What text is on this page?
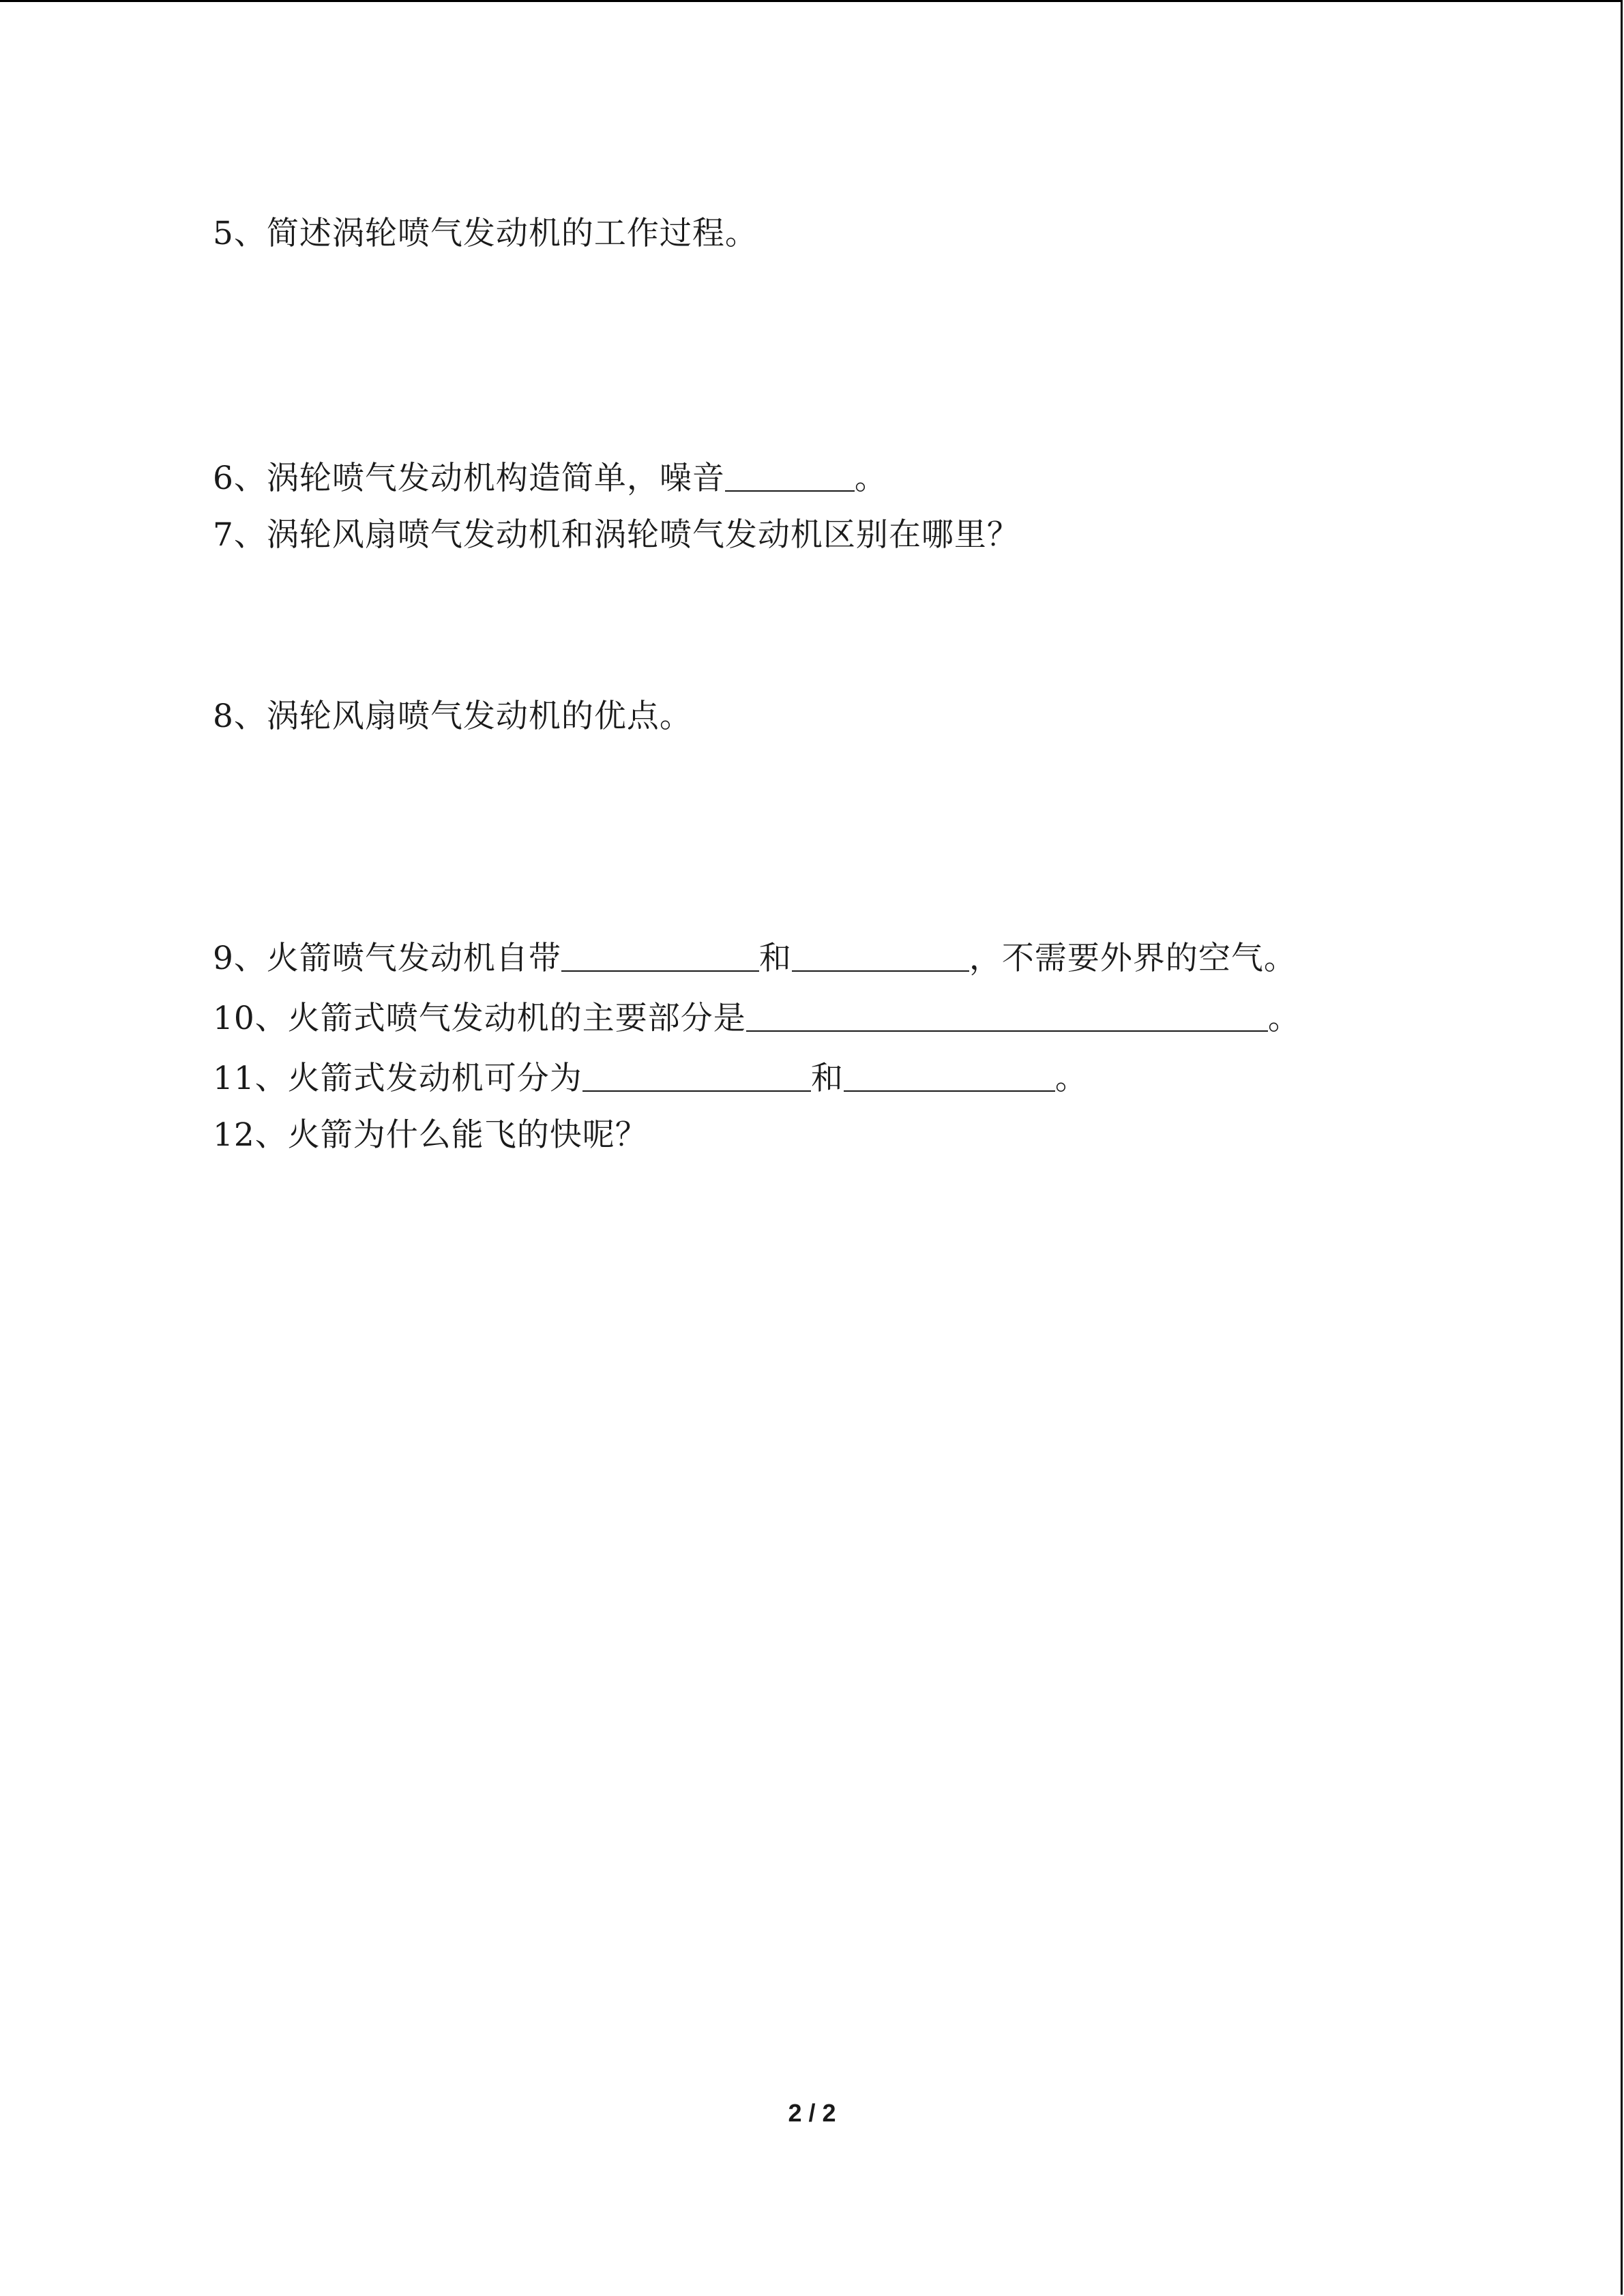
5、简述涡轮喷气发动机的工作过程。
6、涡轮喷气发动机构造简单，噪音	。
7、涡轮风扇喷气发动机和涡轮喷气发动机区别在哪里？
8、涡轮风扇喷气发动机的优点。
9、火箭喷气发动机自带	和	，不需要外界的空气。
10、火箭式喷气发动机的主要部分是	。
11、火箭式发动机可分为	和	。
12、火箭为什么能飞的快呢？
2 / 2
